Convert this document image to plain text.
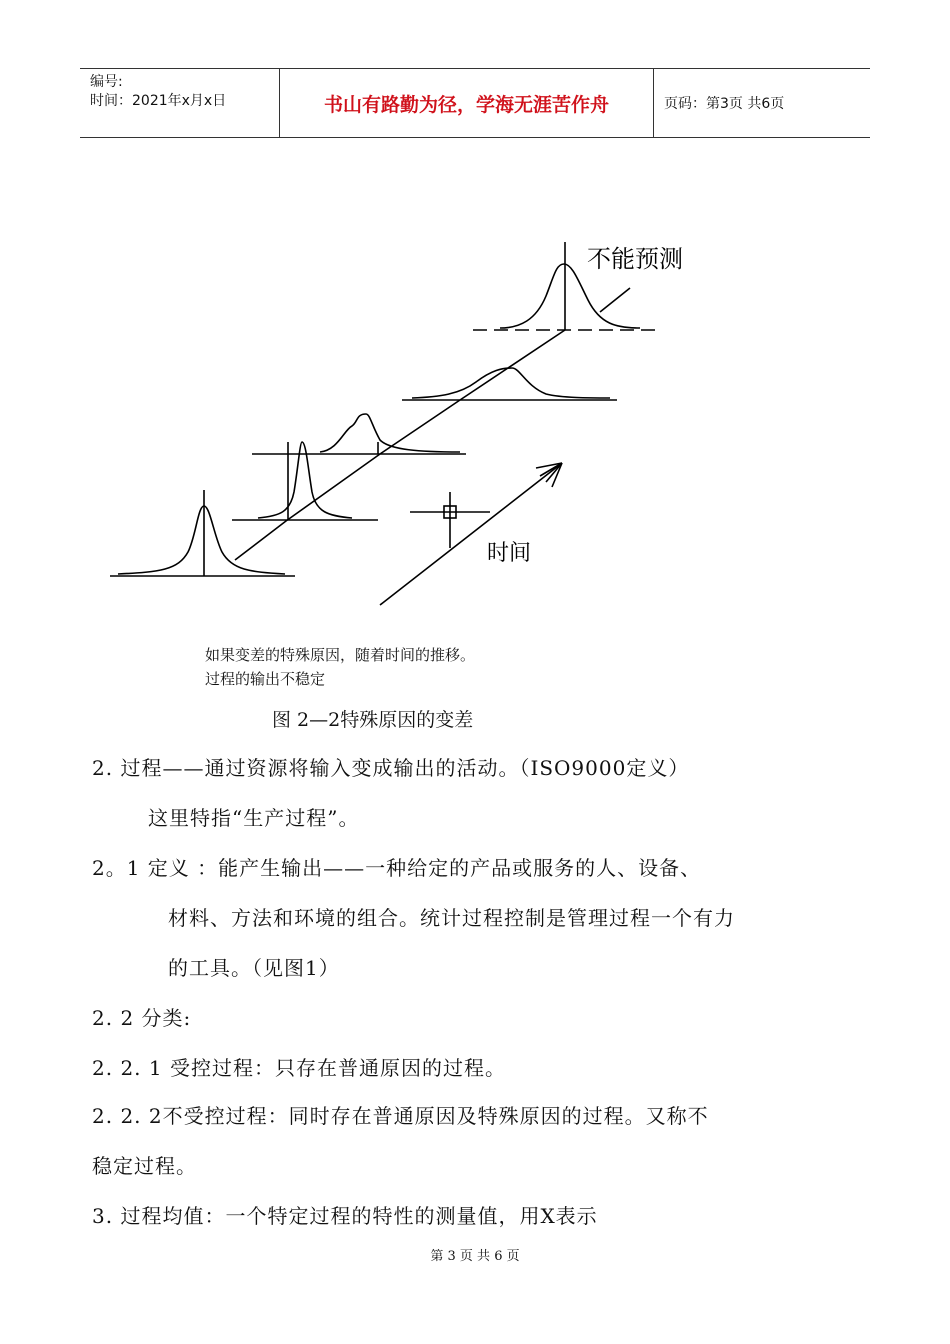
编号:
时间：2021年x月x日	书山有路勤为径，学海无涯苦作舟	页码：第3页 共6页
不能预测
时间
如果变差的特殊原因，随着时间的推移。
过程的输出不稳定
图 2—2特殊原因的变差
2. 过程——通过资源将输入变成输出的活动。（ISO9000定义）
这里特指“生产过程”。
2。1 定义 ：能产生输出——一种给定的产品或服务的人、设备、
材料、方法和环境的组合。统计过程控制是管理过程一个有力
的工具。（见图1）
2. 2 分类:
2. 2. 1 受控过程：只存在普通原因的过程。
2. 2. 2不受控过程：同时存在普通原因及特殊原因的过程。又称不
稳定过程。
3. 过程均值：一个特定过程的特性的测量值，用X表示
第 3 页 共 6 页
